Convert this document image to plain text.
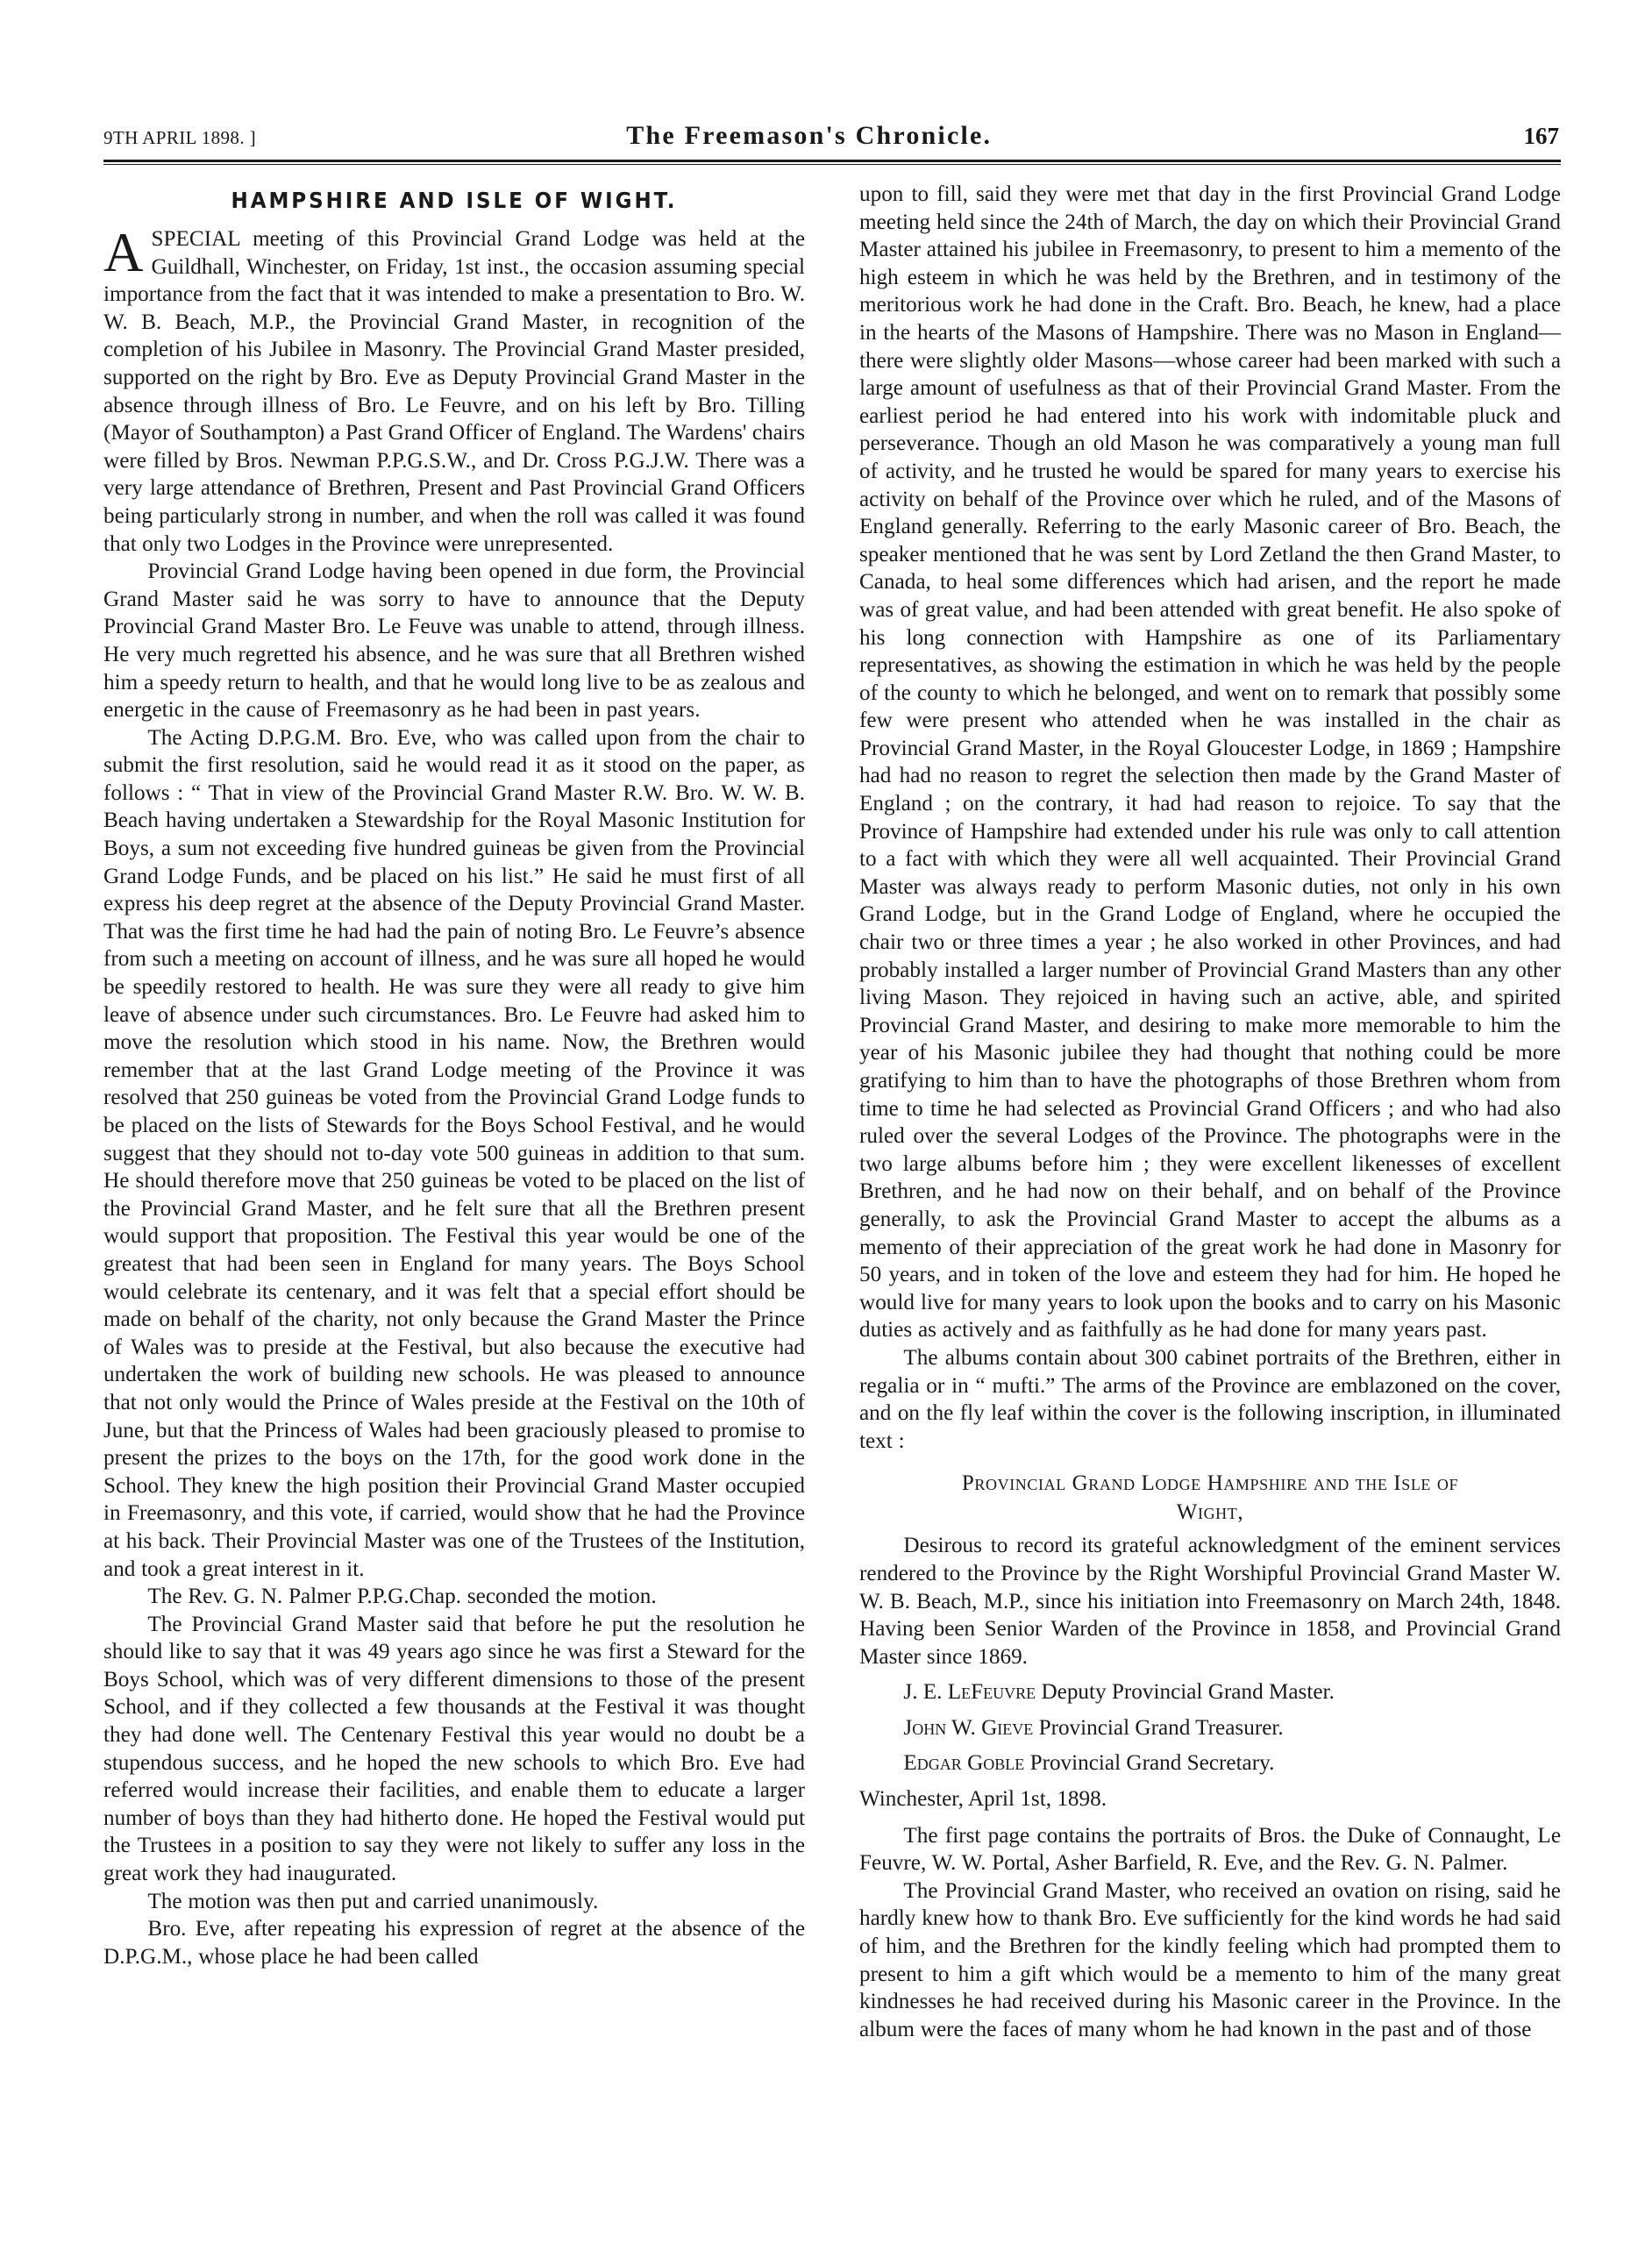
9TH APRIL 1898. ]	The Freemason's Chronicle.	167
HAMPSHIRE AND ISLE OF WIGHT.

A SPECIAL meeting of this Provincial Grand Lodge was held at the Guildhall, Winchester, on Friday, 1st inst., the occasion assuming special importance from the fact that it was intended to make a presentation to Bro. W. W. B. Beach, M.P., the Provincial Grand Master, in recognition of the completion of his Jubilee in Masonry. The Provincial Grand Master presided, supported on the right by Bro. Eve as Deputy Provincial Grand Master in the absence through illness of Bro. Le Feuvre, and on his left by Bro. Tilling (Mayor of Southampton) a Past Grand Officer of England. The Wardens' chairs were filled by Bros. Newman P.P.G.S.W., and Dr. Cross P.G.J.W. There was a very large attendance of Brethren, Present and Past Provincial Grand Officers being particularly strong in number, and when the roll was called it was found that only two Lodges in the Province were unrepresented.

Provincial Grand Lodge having been opened in due form, the Provincial Grand Master said he was sorry to have to announce that the Deputy Provincial Grand Master Bro. Le Feuve was unable to attend, through illness. He very much regretted his absence, and he was sure that all Brethren wished him a speedy return to health, and that he would long live to be as zealous and energetic in the cause of Freemasonry as he had been in past years.

The Acting D.P.G.M. Bro. Eve, who was called upon from the chair to submit the first resolution, said he would read it as it stood on the paper, as follows : “ That in view of the Provincial Grand Master R.W. Bro. W. W. B. Beach having undertaken a Stewardship for the Royal Masonic Institution for Boys, a sum not exceeding five hundred guineas be given from the Provincial Grand Lodge Funds, and be placed on his list.” He said he must first of all express his deep regret at the absence of the Deputy Provincial Grand Master. That was the first time he had had the pain of noting Bro. Le Feuvre’s absence from such a meeting on account of illness, and he was sure all hoped he would be speedily restored to health. He was sure they were all ready to give him leave of absence under such circumstances. Bro. Le Feuvre had asked him to move the resolution which stood in his name. Now, the Brethren would remember that at the last Grand Lodge meeting of the Province it was resolved that 250 guineas be voted from the Provincial Grand Lodge funds to be placed on the lists of Stewards for the Boys School Festival, and he would suggest that they should not to-day vote 500 guineas in addition to that sum. He should therefore move that 250 guineas be voted to be placed on the list of the Provincial Grand Master, and he felt sure that all the Brethren present would support that proposition. The Festival this year would be one of the greatest that had been seen in England for many years. The Boys School would celebrate its centenary, and it was felt that a special effort should be made on behalf of the charity, not only because the Grand Master the Prince of Wales was to preside at the Festival, but also because the executive had undertaken the work of building new schools. He was pleased to announce that not only would the Prince of Wales preside at the Festival on the 10th of June, but that the Princess of Wales had been graciously pleased to promise to present the prizes to the boys on the 17th, for the good work done in the School. They knew the high position their Provincial Grand Master occupied in Freemasonry, and this vote, if carried, would show that he had the Province at his back. Their Provincial Master was one of the Trustees of the Institution, and took a great interest in it.

The Rev. G. N. Palmer P.P.G.Chap. seconded the motion.

The Provincial Grand Master said that before he put the resolution he should like to say that it was 49 years ago since he was first a Steward for the Boys School, which was of very different dimensions to those of the present School, and if they collected a few thousands at the Festival it was thought they had done well. The Centenary Festival this year would no doubt be a stupendous success, and he hoped the new schools to which Bro. Eve had referred would increase their facilities, and enable them to educate a larger number of boys than they had hitherto done. He hoped the Festival would put the Trustees in a position to say they were not likely to suffer any loss in the great work they had inaugurated.

The motion was then put and carried unanimously.

Bro. Eve, after repeating his expression of regret at the absence of the D.P.G.M., whose place he had been called

upon to fill, said they were met that day in the first Provincial Grand Lodge meeting held since the 24th of March, the day on which their Provincial Grand Master attained his jubilee in Freemasonry, to present to him a memento of the high esteem in which he was held by the Brethren, and in testimony of the meritorious work he had done in the Craft. Bro. Beach, he knew, had a place in the hearts of the Masons of Hampshire. There was no Mason in England—there were slightly older Masons—whose career had been marked with such a large amount of usefulness as that of their Provincial Grand Master. From the earliest period he had entered into his work with indomitable pluck and perseverance. Though an old Mason he was comparatively a young man full of activity, and he trusted he would be spared for many years to exercise his activity on behalf of the Province over which he ruled, and of the Masons of England generally. Referring to the early Masonic career of Bro. Beach, the speaker mentioned that he was sent by Lord Zetland the then Grand Master, to Canada, to heal some differences which had arisen, and the report he made was of great value, and had been attended with great benefit. He also spoke of his long connection with Hampshire as one of its Parliamentary representatives, as showing the estimation in which he was held by the people of the county to which he belonged, and went on to remark that possibly some few were present who attended when he was installed in the chair as Provincial Grand Master, in the Royal Gloucester Lodge, in 1869 ; Hampshire had had no reason to regret the selection then made by the Grand Master of England ; on the contrary, it had had reason to rejoice. To say that the Province of Hampshire had extended under his rule was only to call attention to a fact with which they were all well acquainted. Their Provincial Grand Master was always ready to perform Masonic duties, not only in his own Grand Lodge, but in the Grand Lodge of England, where he occupied the chair two or three times a year ; he also worked in other Provinces, and had probably installed a larger number of Provincial Grand Masters than any other living Mason. They rejoiced in having such an active, able, and spirited Provincial Grand Master, and desiring to make more memorable to him the year of his Masonic jubilee they had thought that nothing could be more gratifying to him than to have the photographs of those Brethren whom from time to time he had selected as Provincial Grand Officers ; and who had also ruled over the several Lodges of the Province. The photographs were in the two large albums before him ; they were excellent likenesses of excellent Brethren, and he had now on their behalf, and on behalf of the Province generally, to ask the Provincial Grand Master to accept the albums as a memento of their appreciation of the great work he had done in Masonry for 50 years, and in token of the love and esteem they had for him. He hoped he would live for many years to look upon the books and to carry on his Masonic duties as actively and as faithfully as he had done for many years past.

The albums contain about 300 cabinet portraits of the Brethren, either in regalia or in “ mufti.” The arms of the Province are emblazoned on the cover, and on the fly leaf within the cover is the following inscription, in illuminated text :

Provincial Grand Lodge Hampshire and the Isle of
Wight,

Desirous to record its grateful acknowledgment of the eminent services rendered to the Province by the Right Worshipful Provincial Grand Master W. W. B. Beach, M.P., since his initiation into Freemasonry on March 24th, 1848. Having been Senior Warden of the Province in 1858, and Provincial Grand Master since 1869.

J. E. LeFeuvre Deputy Provincial Grand Master.

John W. Gieve Provincial Grand Treasurer.

Edgar Goble Provincial Grand Secretary.

Winchester, April 1st, 1898.

The first page contains the portraits of Bros. the Duke of Connaught, Le Feuvre, W. W. Portal, Asher Barfield, R. Eve, and the Rev. G. N. Palmer.

The Provincial Grand Master, who received an ovation on rising, said he hardly knew how to thank Bro. Eve sufficiently for the kind words he had said of him, and the Brethren for the kindly feeling which had prompted them to present to him a gift which would be a memento to him of the many great kindnesses he had received during his Masonic career in the Province. In the album were the faces of many whom he had known in the past and of those
